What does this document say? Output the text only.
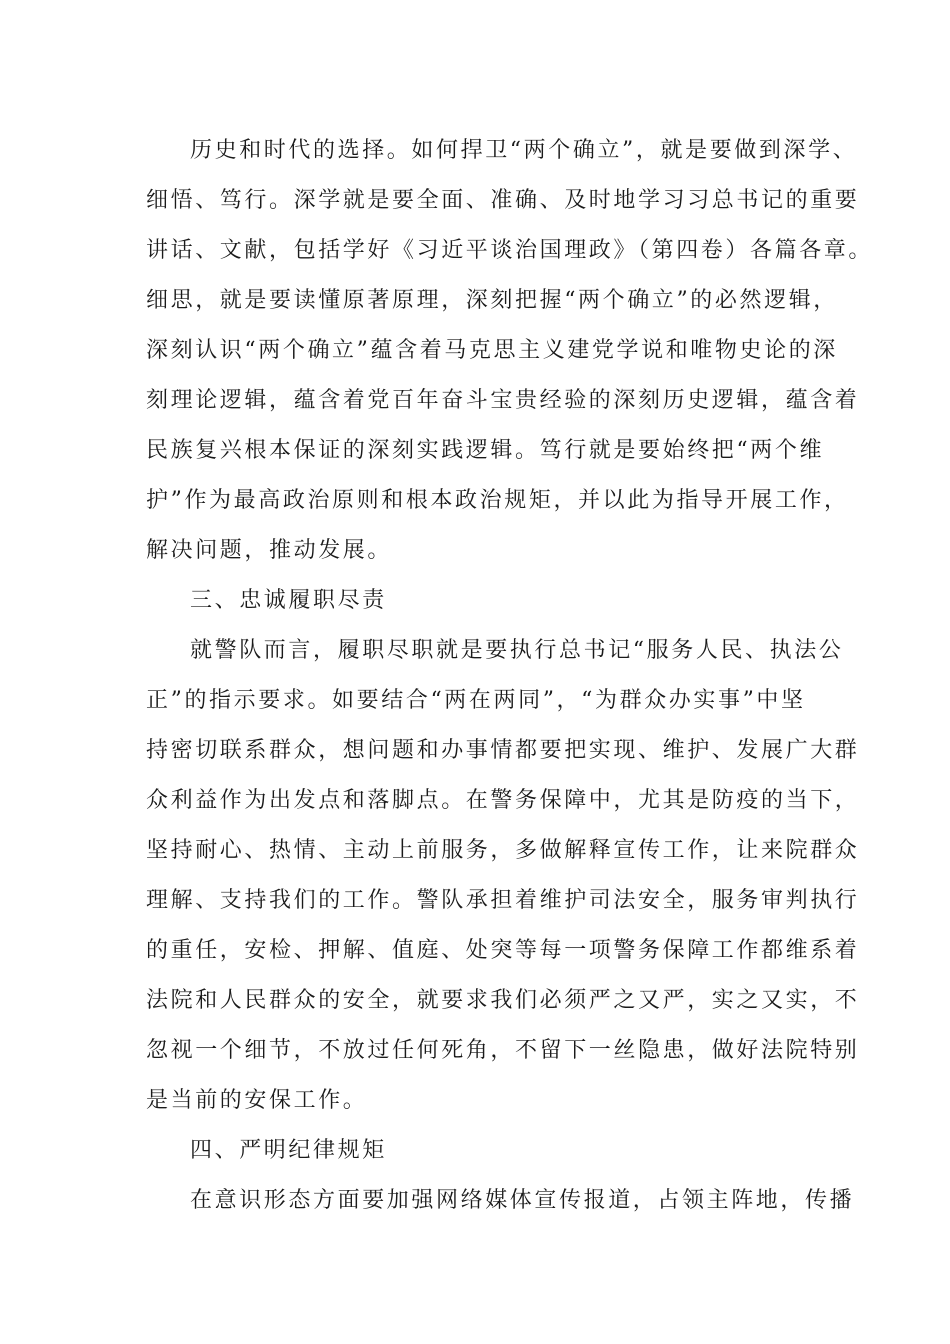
历史和时代的选择。如何捍卫“两个确立”，就是要做到深学、
细悟、笃行。深学就是要全面、准确、及时地学习习总书记的重要
讲话、文献，包括学好《习近平谈治国理政》（第四卷）各篇各章。
细思，就是要读懂原著原理，深刻把握“两个确立”的必然逻辑，
深刻认识“两个确立”蕴含着马克思主义建党学说和唯物史论的深
刻理论逻辑，蕴含着党百年奋斗宝贵经验的深刻历史逻辑，蕴含着
民族复兴根本保证的深刻实践逻辑。笃行就是要始终把“两个维
护”作为最高政治原则和根本政治规矩，并以此为指导开展工作，
解决问题，推动发展。
三、忠诚履职尽责
就警队而言，履职尽职就是要执行总书记“服务人民、执法公
正”的指示要求。如要结合“两在两同”，“为群众办实事”中坚
持密切联系群众，想问题和办事情都要把实现、维护、发展广大群
众利益作为出发点和落脚点。在警务保障中，尤其是防疫的当下，
坚持耐心、热情、主动上前服务，多做解释宣传工作，让来院群众
理解、支持我们的工作。警队承担着维护司法安全，服务审判执行
的重任，安检、押解、值庭、处突等每一项警务保障工作都维系着
法院和人民群众的安全，就要求我们必须严之又严，实之又实，不
忽视一个细节，不放过任何死角，不留下一丝隐患，做好法院特别
是当前的安保工作。
四、严明纪律规矩
在意识形态方面要加强网络媒体宣传报道，占领主阵地，传播
